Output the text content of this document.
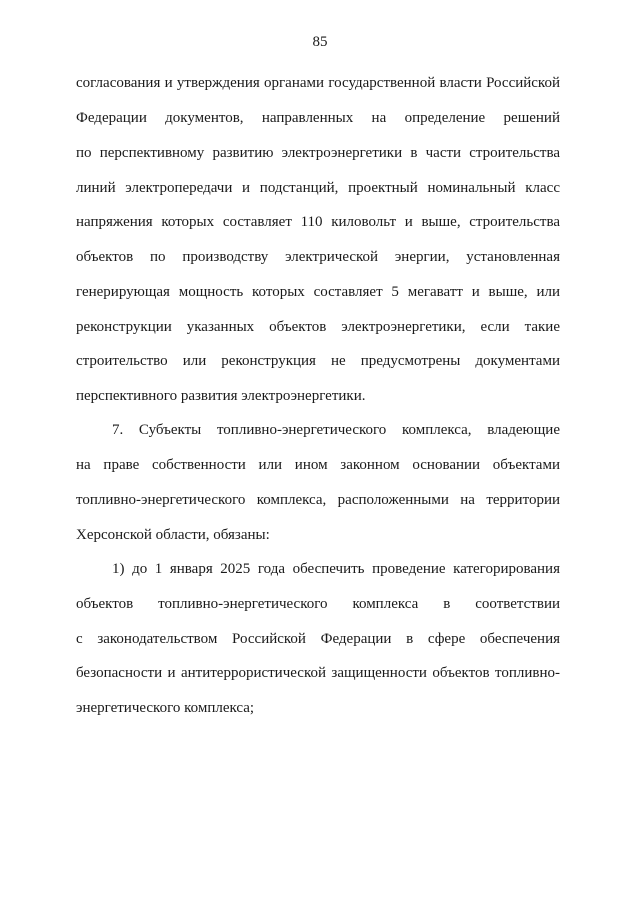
85
согласования и утверждения органами государственной власти Российской
Федерации документов, направленных на определение решений
по перспективному развитию электроэнергетики в части строительства
линий электропередачи и подстанций, проектный номинальный класс
напряжения которых составляет 110 киловольт и выше, строительства
объектов по производству электрической энергии, установленная
генерирующая мощность которых составляет 5 мегаватт и выше, или
реконструкции указанных объектов электроэнергетики, если такие
строительство или реконструкция не предусмотрены документами
перспективного развития электроэнергетики.
7. Субъекты топливно-энергетического комплекса, владеющие
на праве собственности или ином законном основании объектами
топливно-энергетического комплекса, расположенными на территории
Херсонской области, обязаны:
1) до 1 января 2025 года обеспечить проведение категорирования
объектов топливно-энергетического комплекса в соответствии
с законодательством Российской Федерации в сфере обеспечения
безопасности и антитеррористической защищенности объектов топливно-
энергетического комплекса;
